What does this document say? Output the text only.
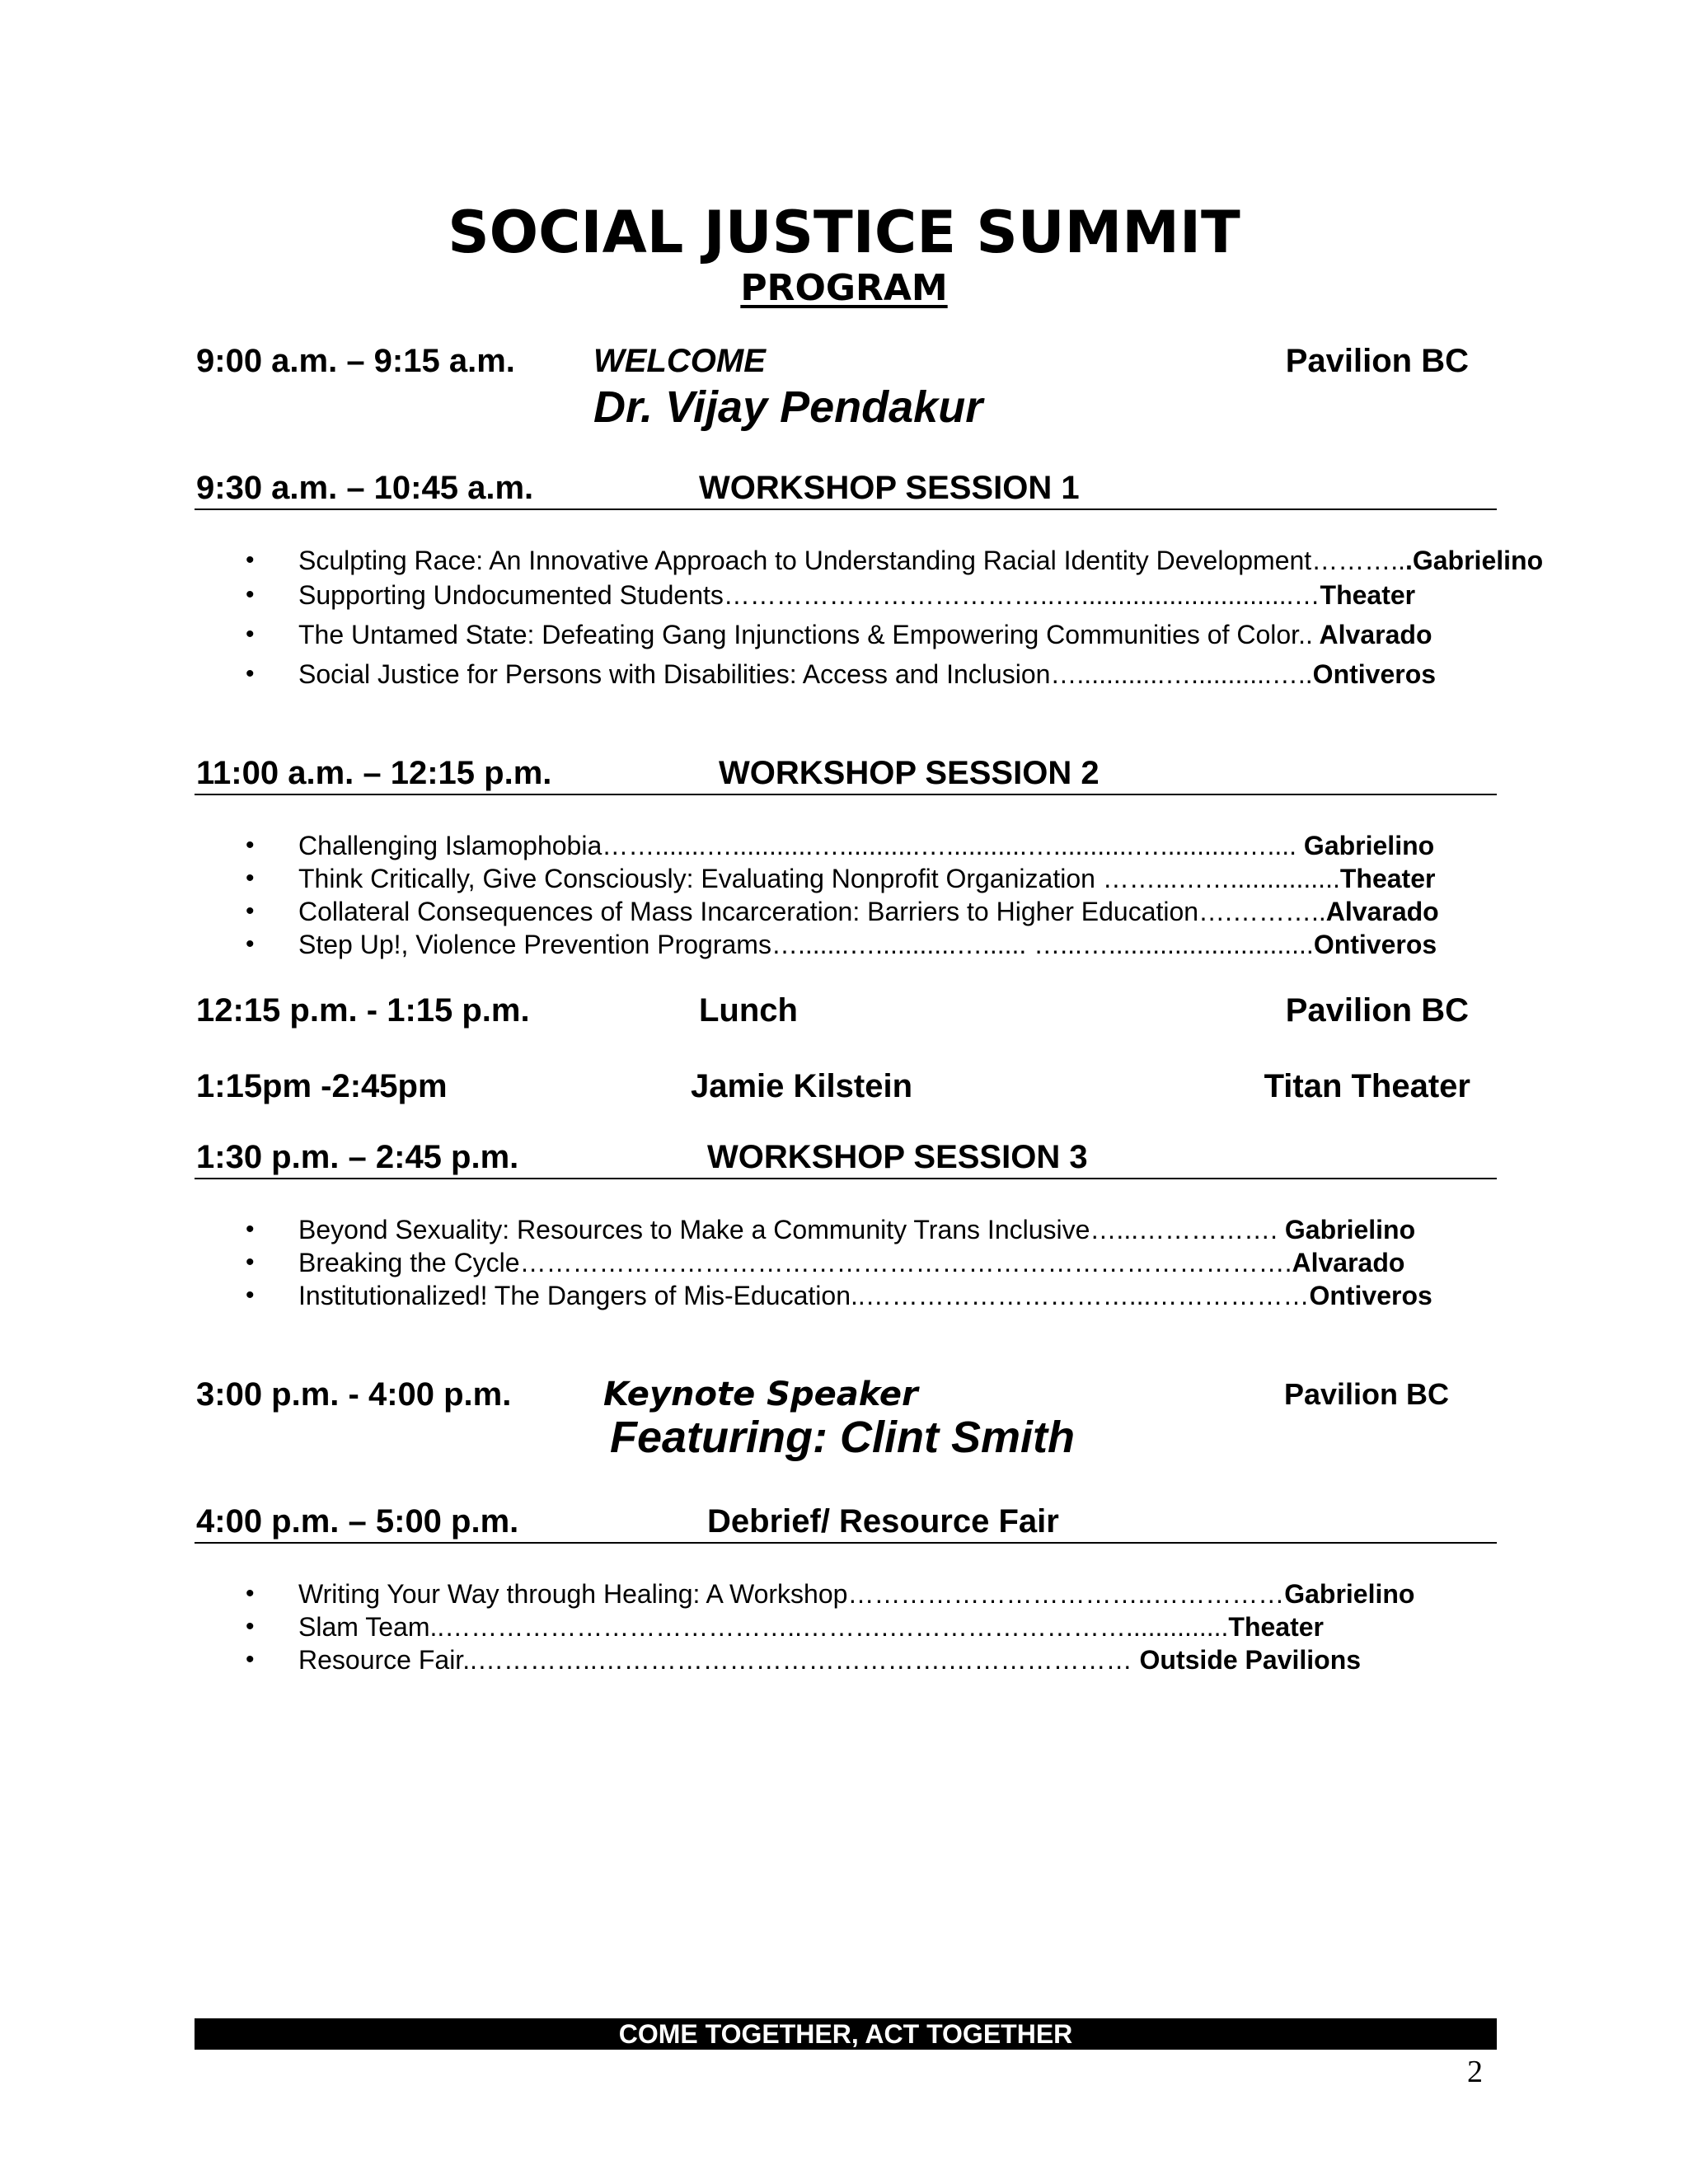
SOCIAL JUSTICE SUMMIT
PROGRAM
9:00 a.m. – 9:15 a.m. WELCOME	Pavilion BC
Dr. Vijay Pendakur
9:30 a.m. – 10:45 a.m.	WORKSHOP SESSION 1
Sculpting Race: An Innovative Approach to Understanding Racial Identity Development………...Gabrielino
Supporting Undocumented Students………………………………..….............................…Theater
The Untamed State: Defeating Gang Injunctions & Empowering Communities of Color.. Alvarado
Social Justice for Persons with Disabilities: Access and Inclusion…............…...........…..Ontiveros
11:00 a.m. – 12:15 p.m.	WORKSHOP SESSION 2
Challenging Islamophobia…….......…...........…...........…...........…...........…...........….... Gabrielino
Think Critically, Give Consciously: Evaluating Nonprofit Organization ……...……...............Theater
Collateral Consequences of Mass Incarceration: Barriers to Higher Education….………..Alvarado
Step Up!, Violence Prevention Programs….......…...........…...... …...…............................Ontiveros
12:15 p.m. - 1:15 p.m.	Lunch	Pavilion BC
1:15pm -2:45pm	Jamie Kilstein	Titan Theater
1:30 p.m. – 2:45 p.m.	WORKSHOP SESSION 3
Beyond Sexuality: Resources to Make a Community Trans Inclusive…...……………. Gabrielino
Breaking the Cycle…………………………………………………………………………….Alvarado
Institutionalized! The Dangers of Mis-Education..…………………………...………………Ontiveros
3:00 p.m. - 4:00 p.m.	Keynote Speaker	Pavilion BC
Featuring: Clint Smith
4:00 p.m. – 5:00 p.m.	Debrief/ Resource Fair
Writing Your Way through Healing: A Workshop……………………………..……………Gabrielino
Slam Team..…………………………………..……….………………………..............Theater
Resource Fair..…………..………………………………….………………… Outside Pavilions
COME TOGETHER, ACT TOGETHER
2
